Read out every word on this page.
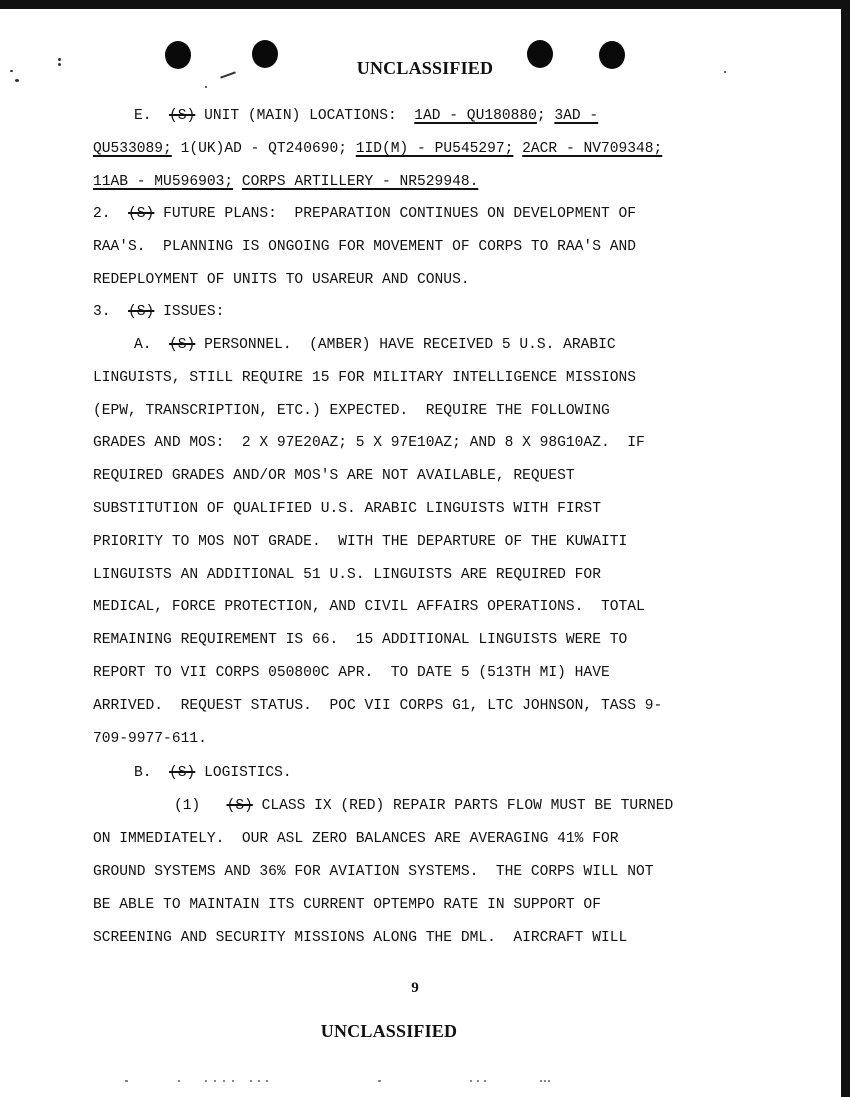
UNCLASSIFIED

E. (S) UNIT (MAIN) LOCATIONS: 1AD - QU180880; 3AD -

QU533089; 1(UK)AD - QT240690; 1ID(M) - PU545297; 2ACR - NV709348;

11AB - MU596903; CORPS ARTILLERY - NR529948.

2. (S) FUTURE PLANS:  PREPARATION CONTINUES ON DEVELOPMENT OF

RAA'S.  PLANNING IS ONGOING FOR MOVEMENT OF CORPS TO RAA'S AND

REDEPLOYMENT OF UNITS TO USAREUR AND CONUS.

3. (S) ISSUES:

A. (S) PERSONNEL.  (AMBER) HAVE RECEIVED 5 U.S. ARABIC

LINGUISTS, STILL REQUIRE 15 FOR MILITARY INTELLIGENCE MISSIONS

(EPW, TRANSCRIPTION, ETC.) EXPECTED.  REQUIRE THE FOLLOWING

GRADES AND MOS:  2 X 97E20AZ; 5 X 97E10AZ; AND 8 X 98G10AZ.  IF

REQUIRED GRADES AND/OR MOS'S ARE NOT AVAILABLE, REQUEST

SUBSTITUTION OF QUALIFIED U.S. ARABIC LINGUISTS WITH FIRST

PRIORITY TO MOS NOT GRADE.  WITH THE DEPARTURE OF THE KUWAITI

LINGUISTS AN ADDITIONAL 51 U.S. LINGUISTS ARE REQUIRED FOR

MEDICAL, FORCE PROTECTION, AND CIVIL AFFAIRS OPERATIONS.  TOTAL

REMAINING REQUIREMENT IS 66.  15 ADDITIONAL LINGUISTS WERE TO

REPORT TO VII CORPS 050800C APR.  TO DATE 5 (513TH MI) HAVE

ARRIVED.  REQUEST STATUS.  POC VII CORPS G1, LTC JOHNSON, TASS 9-

709-9977-611.

B. (S) LOGISTICS.

(1) (S) CLASS IX (RED) REPAIR PARTS FLOW MUST BE TURNED

ON IMMEDIATELY.  OUR ASL ZERO BALANCES ARE AVERAGING 41% FOR

GROUND SYSTEMS AND 36% FOR AVIATION SYSTEMS.  THE CORPS WILL NOT

BE ABLE TO MAINTAIN ITS CURRENT OPTEMPO RATE IN SUPPORT OF

SCREENING AND SECURITY MISSIONS ALONG THE DML.  AIRCRAFT WILL

9
UNCLASSIFIED
